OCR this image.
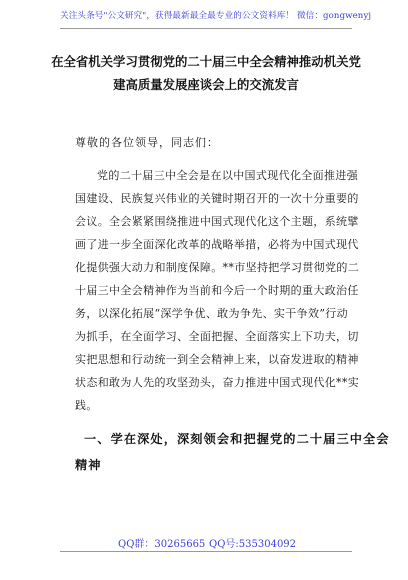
关注头条号"公文研究"，获得最新最全最专业的公文资料库！ 微信：gongwenyj
在全省机关学习贯彻党的二十届三中全会精神推动机关党
建高质量发展座谈会上的交流发言
尊敬的各位领导，同志们：
党的二十届三中全会是在以中国式现代化全面推进强
国建设、民族复兴伟业的关键时期召开的一次十分重要的
会议。全会紧紧围绕推进中国式现代化这个主题，系统擘
画了进一步全面深化改革的战略举措，必将为中国式现代
化提供强大动力和制度保障。**市坚持把学习贯彻党的二
十届三中全会精神作为当前和今后一个时期的重大政治任
务，以深化拓展“深学争优、敢为争先、实干争效”行动
为抓手，在全面学习、全面把握、全面落实上下功夫，切
实把思想和行动统一到全会精神上来，以奋发进取的精神
状态和敢为人先的攻坚劲头，奋力推进中国式现代化**实
践。
一、学在深处，深刻领会和把握党的二十届三中全会
精神
QQ群：30265665 QQ号:535304092
